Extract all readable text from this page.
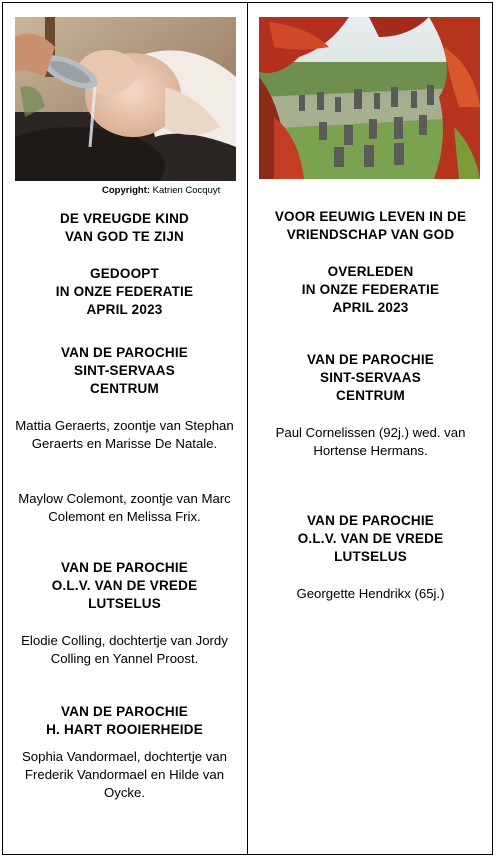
Copyright: Katrien Cocquyt
DE VREUGDE KIND
VAN GOD TE ZIJN
GEDOOPT
IN ONZE FEDERATIE
APRIL 2023
VAN DE PAROCHIE
SINT-SERVAAS
CENTRUM
Mattia Geraerts, zoontje van Stephan Geraerts en Marisse De Natale.
Maylow Colemont, zoontje van Marc Colemont en Melissa Frix.
VAN DE PAROCHIE
O.L.V. VAN DE VREDE
LUTSELUS
Elodie Colling, dochtertje van Jordy Colling en Yannel Proost.
VAN DE PAROCHIE
H. HART ROOIERHEIDE
Sophia Vandormael, dochtertje van Frederik Vandormael en Hilde van Oycke.
VOOR EEUWIG LEVEN IN DE
VRIENDSCHAP VAN GOD
OVERLEDEN
IN ONZE FEDERATIE
APRIL 2023
VAN DE PAROCHIE
SINT-SERVAAS
CENTRUM
Paul Cornelissen (92j.) wed. van Hortense Hermans.
VAN DE PAROCHIE
O.L.V. VAN DE VREDE
LUTSELUS
Georgette Hendrikx (65j.)
